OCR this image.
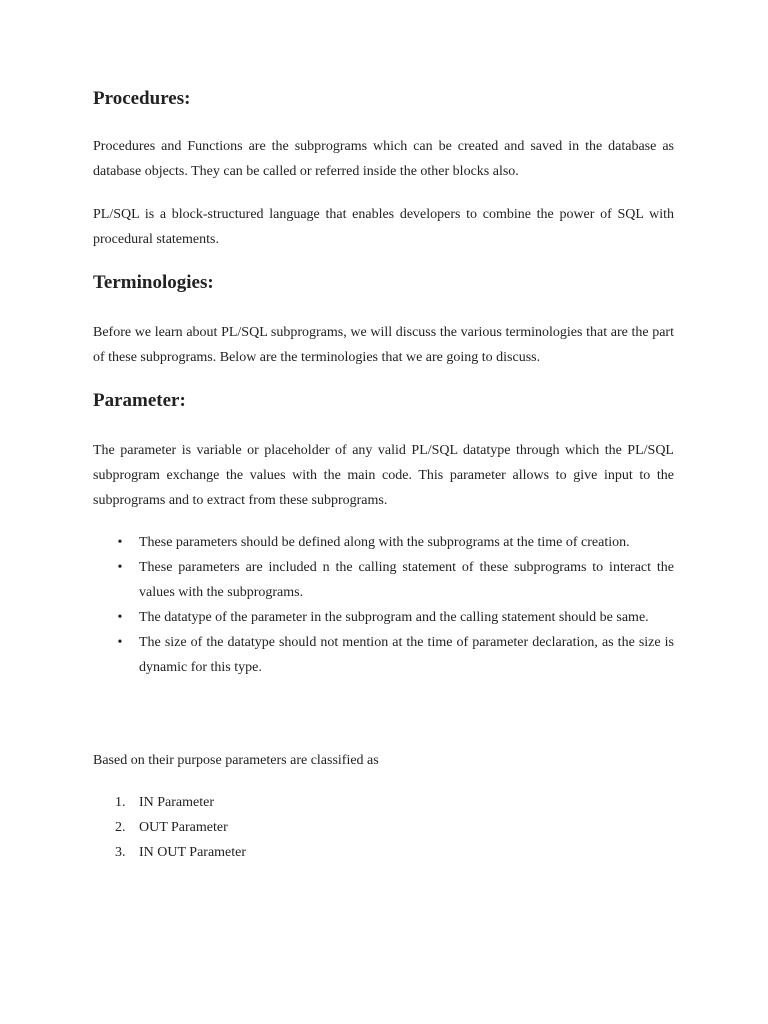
Procedures:

Procedures and Functions are the subprograms which can be created and saved in the database as database objects. They can be called or referred inside the other blocks also.

PL/SQL is a block-structured language that enables developers to combine the power of SQL with procedural statements.

Terminologies:

Before we learn about PL/SQL subprograms, we will discuss the various terminologies that are the part of these subprograms. Below are the terminologies that we are going to discuss.

Parameter:

The parameter is variable or placeholder of any valid PL/SQL datatype through which the PL/SQL subprogram exchange the values with the main code. This parameter allows to give input to the subprograms and to extract from these subprograms.

• These parameters should be defined along with the subprograms at the time of creation.
• These parameters are included n the calling statement of these subprograms to interact the values with the subprograms.
• The datatype of the parameter in the subprogram and the calling statement should be same.
• The size of the datatype should not mention at the time of parameter declaration, as the size is dynamic for this type.

Based on their purpose parameters are classified as

1. IN Parameter
2. OUT Parameter
3. IN OUT Parameter
